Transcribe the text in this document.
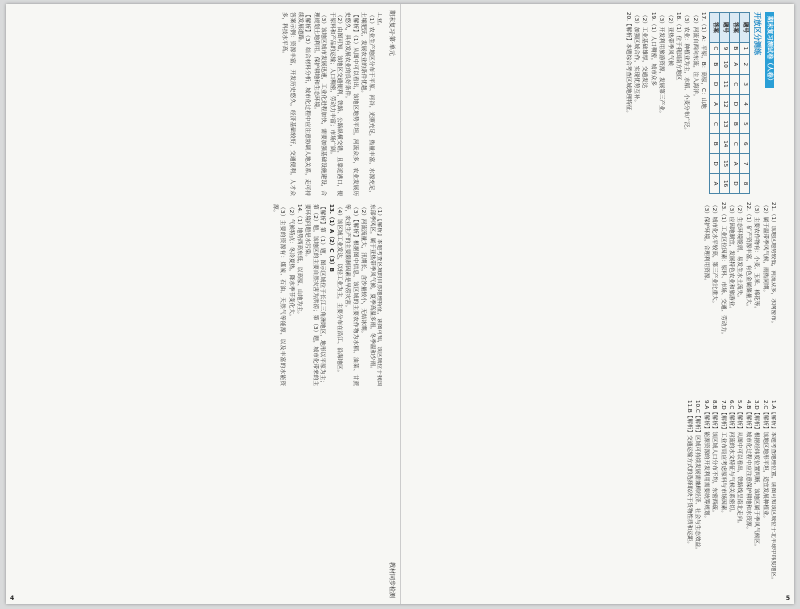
期末复习·第·单元
教材同步检测

工业。

（1）农业生产地区分布于平原、河谷，光照充足，热量丰富，水源充足，土壤肥沃，发展农业的条件优越。

【解析】（1）从图中可以看出，该地区地势平坦，河流众多，农业发展历史悠久，具有发展农业的良好条件。

（2）由图可知，该地区交通便利，铁路、公路纵横交错，且靠近港口，便于原料和产品的运输；人口稠密，劳动力丰富；市场广阔。

（3）该地区城市发展迅速，工业化进程加快，需要加强基础设施建设，合理规划土地利用，保护耕地和生态环境。

【解析】（3）结合材料分析，城市化过程中应注意协调人地关系，走可持续发展道路。

答案示例：资源丰富，开发历史悠久，经济基础较好，交通便利，人才众多，科技水平高。

（1）【解析】本题考查区域的自然地理特征，读图可知，该区域位于我国东部季风区，属于亚热带季风气候，夏季高温多雨，冬季温和少雨。

（2）河流流量大，汛期长，含沙量较小，无结冰期。

（3）【解析】根据图中信息，该区域的主要农作物为水稻、油菜、甘蔗等，农业生产的主要限制因素是旱涝灾害。

（4）该区域工业发达，以轻工业为主，主要分布在沿江、沿海地区。

13.（1）A（2）C（3）B

【解析】第（1）题，图示区域位于长江三角洲地区，地形以平原为主；第（2）题，该地区的主要自然灾害为洪涝；第（3）题，城市化带来的主要环境问题是水污染。

14.（1）地势西高东低，以高原、山地为主。

（2）气候特点：冬冷夏热，降水季节变化大。

（3）主要的资源有：煤炭、石油、天然气等能源，以及丰富的水能资源。

4
期末复习测试卷（人卷）
开放区分测练
题号	1	2	3	4	5	6	7	8
答案	B	A	C	D	B	C	A	D
题号	9	10	11	12	13	14	15	16
答案	C	B	D	A	C	B	D	A

17.（1）A：平原，B：高原，C：山地

（2）河流自西向东流，注入海洋。

（3）农业：种植业为主，水稻、小麦分布广泛。

18.（1）位于我国南方地区

（2）亚热带季风气候

（3）开发利用旅游资源，发展第三产业。

19.（1）人口稠密，城市众多

（2）工业基础雄厚，交通发达

（3）加强区域合作，实现优势互补。

20.【解析】本题综合考查区域地理特征。

21.（1）该地区地势较低，河流众多，水网密布。

（2）属于温带季风气候，雨热同期。

（3）主要农作物有：小麦、玉米、棉花等。

22.（1）矿产资源丰富，有色金属储量大。

（2）生态环境脆弱，易发生水土流失。

（3）应因地制宜，发展特色农业和旅游业。

23.（1）工业区位因素：原料、市场、交通、劳动力。

（2）城市化水平较高，第三产业比重大。

（3）保护环境，合理利用资源。

1.A【解析】本题考查地理位置，读图可知该区域位于北半球中纬度地区。

2.C【解析】该地区地形平坦，适宜发展种植业。

3.D【解析】根据经纬度位置判断，该地区属于季风气候区。

4.B【解析】城市化过程中应注意保护耕地和水资源。

5.A【解析】从图中可以看出，铁路线呈南北走向。

6.C【解析】河流的水文特征与气候关系密切。

7.D【解析】工业布局应考虑原料与市场因素。

8.B【解析】该区域人口分布不均，东密西疏。

9.A【解析】能源资源的开发利用需要统筹规划。

10.C【解析】区域可持续发展需兼顾经济、社会与生态效益。

11.B【解析】交通运输方式的选择取决于货物性质和运距。

5
